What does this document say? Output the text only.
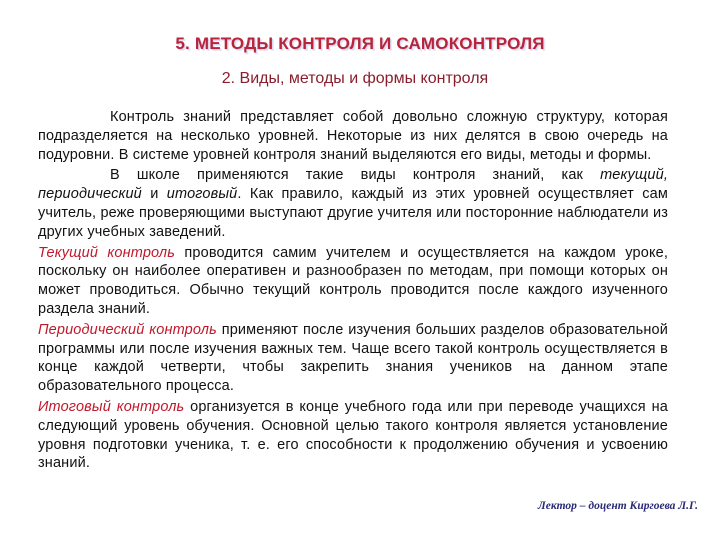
5. МЕТОДЫ КОНТРОЛЯ И САМОКОНТРОЛЯ
2. Виды, методы и формы контроля

Контроль знаний представляет собой довольно сложную структуру, которая подразделяется на несколько уровней. Некоторые из них делятся в свою очередь на подуровни. В системе уровней контроля знаний выделяются его виды, методы и формы.

В школе применяются такие виды контроля знаний, как текущий, периодический и итоговый. Как правило, каждый из этих уровней осуществляет сам учитель, реже проверяющими выступают другие учителя или посторонние наблюдатели из других учебных заведений.

Текущий контроль проводится самим учителем и осуществляется на каждом уроке, поскольку он наиболее оперативен и разнообразен по методам, при помощи которых он может проводиться. Обычно текущий контроль проводится после каждого изученного раздела знаний.

Периодический контроль применяют после изучения больших разделов образовательной программы или после изучения важных тем. Чаще всего такой контроль осуществляется в конце каждой четверти, чтобы закрепить знания учеников на данном этапе образовательного процесса.

Итоговый контроль организуется в конце учебного года или при переводе учащихся на следующий уровень обучения. Основной целью такого контроля является установление уровня подготовки ученика, т. е. его способности к продолжению обучения и усвоению знаний.

Лектор – доцент Киргоева Л.Г.
